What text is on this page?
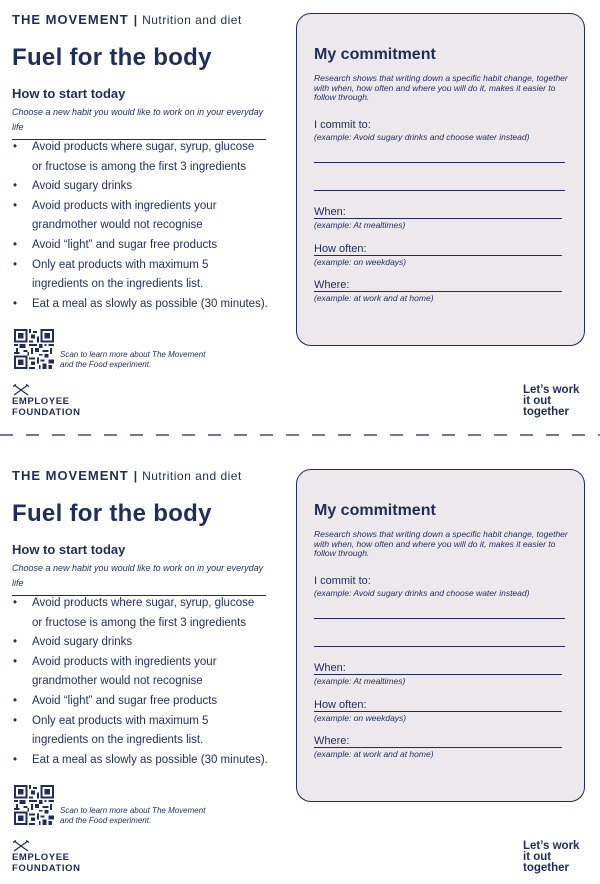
THE MOVEMENT | Nutrition and diet
Fuel for the body
How to start today
Choose a new habit you would like to work on in your everyday life
• Avoid products where sugar, syrup, glucose
or fructose is among the first 3 ingredients
• Avoid sugary drinks
• Avoid products with ingredients your
grandmother would not recognise
• Avoid “light” and sugar free products
• Only eat products with maximum 5
ingredients on the ingredients list.
• Eat a meal as slowly as possible (30 minutes).
Scan to learn more about The Movement
and the Food experiment.
EMPLOYEE
FOUNDATION
Let’s work
it out
together
My commitment
Research shows that writing down a specific habit change, together with when, how often and where you will do it, makes it easier to follow through.
I commit to:
(example: Avoid sugary drinks and choose water instead)
When:
(example: At mealtimes)
How often:
(example: on weekdays)
Where:
(example: at work and at home)
THE MOVEMENT | Nutrition and diet
Fuel for the body
How to start today
Choose a new habit you would like to work on in your everyday life
• Avoid products where sugar, syrup, glucose
or fructose is among the first 3 ingredients
• Avoid sugary drinks
• Avoid products with ingredients your
grandmother would not recognise
• Avoid “light” and sugar free products
• Only eat products with maximum 5
ingredients on the ingredients list.
• Eat a meal as slowly as possible (30 minutes).
Scan to learn more about The Movement
and the Food experiment.
EMPLOYEE
FOUNDATION
Let’s work
it out
together
My commitment
Research shows that writing down a specific habit change, together with when, how often and where you will do it, makes it easier to follow through.
I commit to:
(example: Avoid sugary drinks and choose water instead)
When:
(example: At mealtimes)
How often:
(example: on weekdays)
Where:
(example: at work and at home)
